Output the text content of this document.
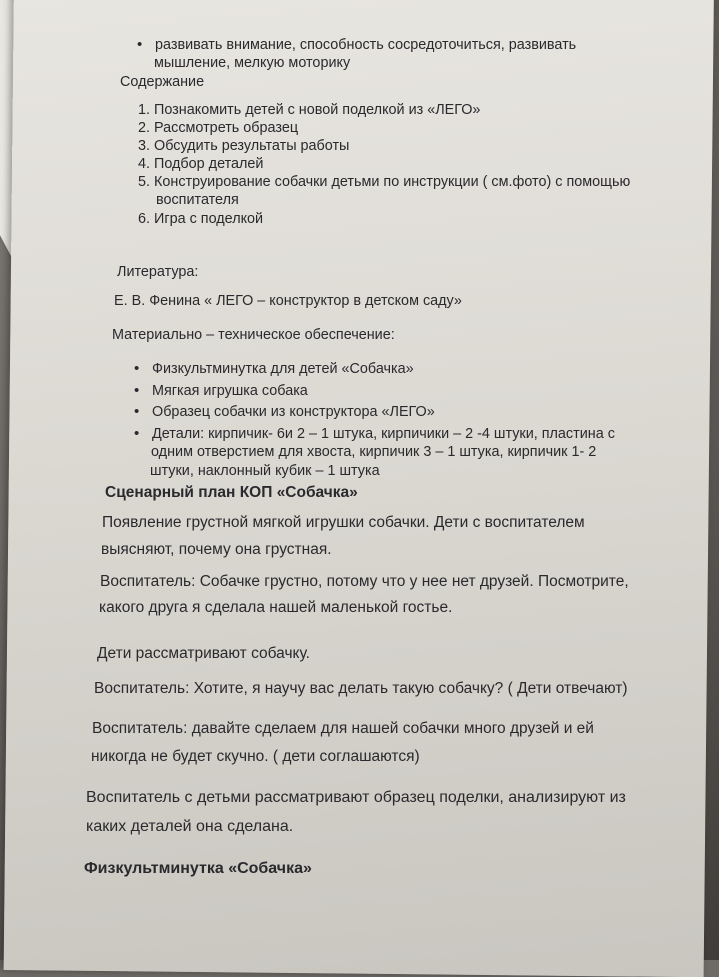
• развивать внимание, способность сосредоточиться, развивать
мышление, мелкую моторику
Содержание
1. Познакомить детей с новой поделкой из «ЛЕГО»
2. Рассмотреть образец
3. Обсудить результаты работы
4. Подбор деталей
5. Конструирование собачки детьми по инструкции ( см.фото) с помощью
воспитателя
6. Игра с поделкой
Литература:
Е. В. Фенина « ЛЕГО – конструктор в детском саду»
Материально – техническое обеспечение:
• Физкультминутка для детей «Собачка»
• Мягкая игрушка собака
• Образец собачки из конструктора «ЛЕГО»
• Детали: кирпичик- 6и 2 – 1 штука, кирпичики – 2 -4 штуки, пластина с
одним отверстием для хвоста, кирпичик 3 – 1 штука, кирпичик 1- 2
штуки, наклонный кубик – 1 штука
Сценарный план КОП «Собачка»
Появление грустной мягкой игрушки собачки. Дети с воспитателем
выясняют, почему она грустная.
Воспитатель: Собачке грустно, потому что у нее нет друзей. Посмотрите,
какого друга я сделала нашей маленькой гостье.
Дети рассматривают собачку.
Воспитатель: Хотите, я научу вас делать такую собачку? ( Дети отвечают)
Воспитатель: давайте сделаем для нашей собачки много друзей и ей
никогда не будет скучно. ( дети соглашаются)
Воспитатель с детьми рассматривают образец поделки, анализируют из
каких деталей она сделана.
Физкультминутка «Собачка»
